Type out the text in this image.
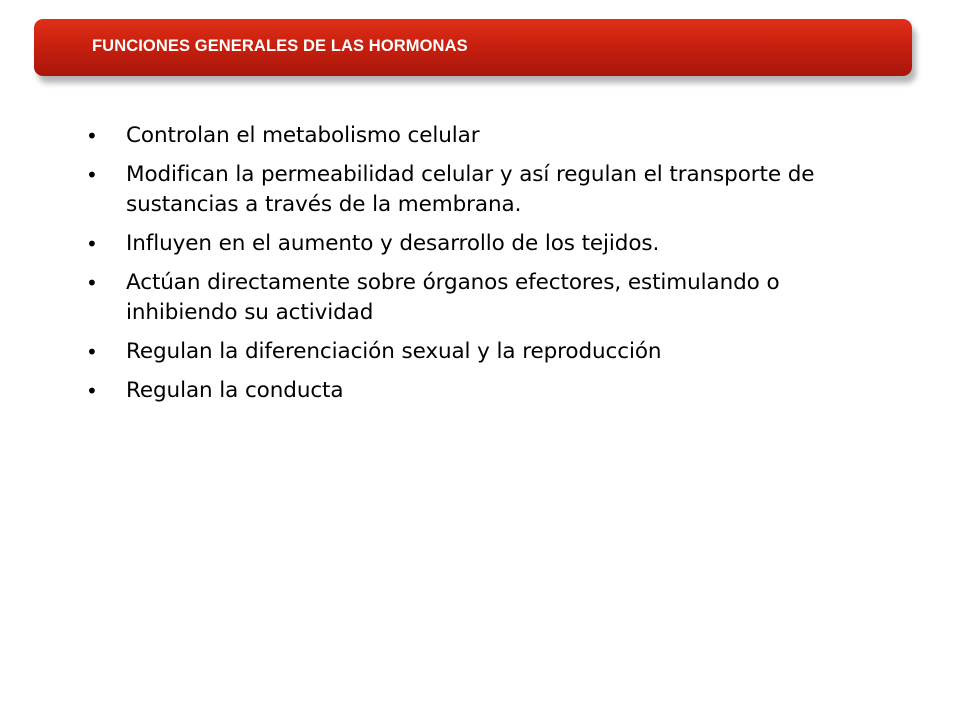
FUNCIONES GENERALES DE LAS HORMONAS
•	Controlan el metabolismo celular
•	Modifican la permeabilidad celular y así regulan el transporte de sustancias a través de la membrana.
•	Influyen en el aumento y desarrollo de los tejidos.
•	Actúan directamente sobre órganos efectores, estimulando o inhibiendo su actividad
•	Regulan la diferenciación sexual y la reproducción
•	Regulan la conducta
